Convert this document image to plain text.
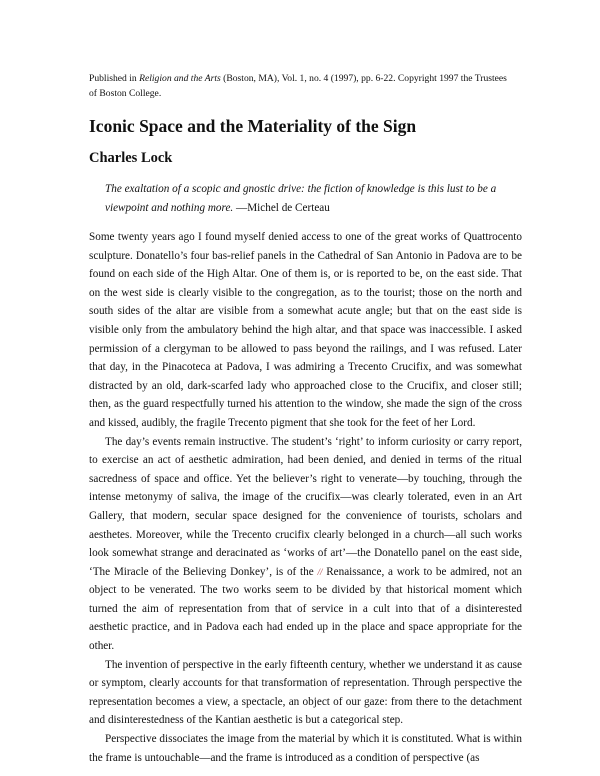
Published in Religion and the Arts (Boston, MA), Vol. 1, no. 4 (1997), pp. 6-22. Copyright 1997 the Trustees of Boston College.
Iconic Space and the Materiality of the Sign
Charles Lock
The exaltation of a scopic and gnostic drive: the fiction of knowledge is this lust to be a viewpoint and nothing more. —Michel de Certeau

Some twenty years ago I found myself denied access to one of the great works of Quattrocento sculpture. Donatello’s four bas-relief panels in the Cathedral of San Antonio in Padova are to be found on each side of the High Altar. One of them is, or is reported to be, on the east side. That on the west side is clearly visible to the congregation, as to the tourist; those on the north and south sides of the altar are visible from a somewhat acute angle; but that on the east side is visible only from the ambulatory behind the high altar, and that space was inaccessible. I asked permission of a clergyman to be allowed to pass beyond the railings, and I was refused. Later that day, in the Pinacoteca at Padova, I was admiring a Trecento Crucifix, and was somewhat distracted by an old, dark-scarfed lady who approached close to the Crucifix, and closer still; then, as the guard respectfully turned his attention to the window, she made the sign of the cross and kissed, audibly, the fragile Trecento pigment that she took for the feet of her Lord.

The day’s events remain instructive. The student’s ‘right’ to inform curiosity or carry report, to exercise an act of aesthetic admiration, had been denied, and denied in terms of the ritual sacredness of space and office. Yet the believer’s right to venerate—by touching, through the intense metonymy of saliva, the image of the crucifix—was clearly tolerated, even in an Art Gallery, that modern, secular space designed for the convenience of tourists, scholars and aesthetes. Moreover, while the Trecento crucifix clearly belonged in a church—all such works look somewhat strange and deracinated as ‘works of art’—the Donatello panel on the east side, ‘The Miracle of the Believing Donkey’, is of the // Renaissance, a work to be admired, not an object to be venerated. The two works seem to be divided by that historical moment which turned the aim of representation from that of service in a cult into that of a disinterested aesthetic practice, and in Padova each had ended up in the place and space appropriate for the other.

The invention of perspective in the early fifteenth century, whether we understand it as cause or symptom, clearly accounts for that transformation of representation. Through perspective the representation becomes a view, a spectacle, an object of our gaze: from there to the detachment and disinterestedness of the Kantian aesthetic is but a categorical step.

Perspective dissociates the image from the material by which it is constituted. What is within the frame is untouchable—and the frame is introduced as a condition of perspective (as
